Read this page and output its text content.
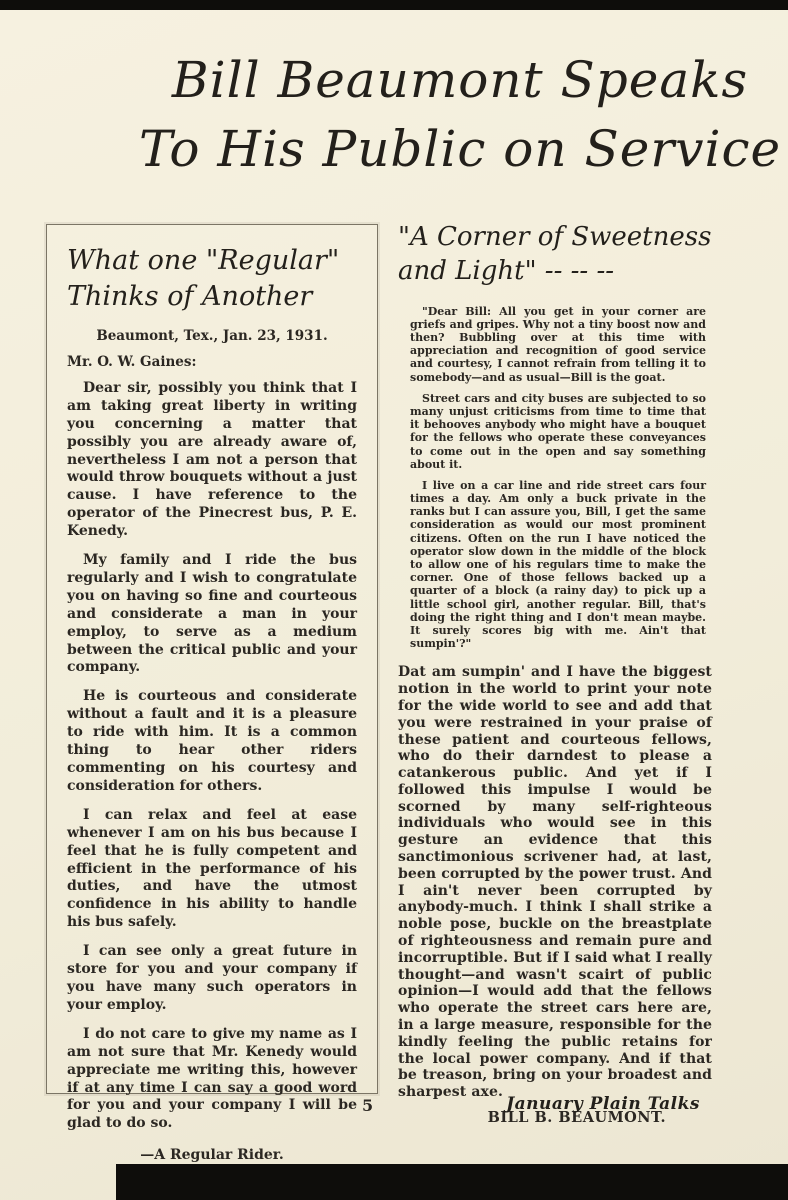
Bill Beaumont Speaks
To His Public on Service
What one "Regular"
Thinks of Another

Beaumont, Tex., Jan. 23, 1931.

Mr. O. W. Gaines:

Dear sir, possibly you think that I am taking great liberty in writing you concerning a matter that possibly you are already aware of, nevertheless I am not a person that would throw bouquets without a just cause. I have reference to the operator of the Pinecrest bus, P. E. Kenedy.

My family and I ride the bus regularly and I wish to congratulate you on having so fine and courteous and considerate a man in your employ, to serve as a medium between the critical public and your company.

He is courteous and considerate without a fault and it is a pleasure to ride with him. It is a common thing to hear other riders commenting on his courtesy and consideration for others.

I can relax and feel at ease whenever I am on his bus because I feel that he is fully competent and efficient in the performance of his duties, and have the utmost confidence in his ability to handle his bus safely.

I can see only a great future in store for you and your company if you have many such operators in your employ.

I do not care to give my name as I am not sure that Mr. Kenedy would appreciate me writing this, however if at any time I can say a good word for you and your company I will be glad to do so.

—A Regular Rider.

"A Corner of Sweetness
and Light" -- -- --

"Dear Bill: All you get in your corner are griefs and gripes. Why not a tiny boost now and then? Bubbling over at this time with appreciation and recognition of good service and courtesy, I cannot refrain from telling it to somebody—and as usual—Bill is the goat.

Street cars and city buses are subjected to so many unjust criticisms from time to time that it behooves anybody who might have a bouquet for the fellows who operate these conveyances to come out in the open and say something about it.

I live on a car line and ride street cars four times a day. Am only a buck private in the ranks but I can assure you, Bill, I get the same consideration as would our most prominent citizens. Often on the run I have noticed the operator slow down in the middle of the block to allow one of his regulars time to make the corner. One of those fellows backed up a quarter of a block (a rainy day) to pick up a little school girl, another regular. Bill, that's doing the right thing and I don't mean maybe. It surely scores big with me. Ain't that sumpin'?"

Dat am sumpin' and I have the biggest notion in the world to print your note for the wide world to see and add that you were restrained in your praise of these patient and courteous fellows, who do their darndest to please a catankerous public. And yet if I followed this impulse I would be scorned by many self-righteous individuals who would see in this gesture an evidence that this sanctimonious scrivener had, at last, been corrupted by the power trust. And I ain't never been corrupted by anybody-much. I think I shall strike a noble pose, buckle on the breastplate of righteousness and remain pure and incorruptible. But if I said what I really thought—and wasn't scairt of public opinion—I would add that the fellows who operate the street cars here are, in a large measure, responsible for the kindly feeling the public retains for the local power company. And if that be treason, bring on your broadest and sharpest axe.

BILL B. BEAUMONT.

5	January Plain Talks
